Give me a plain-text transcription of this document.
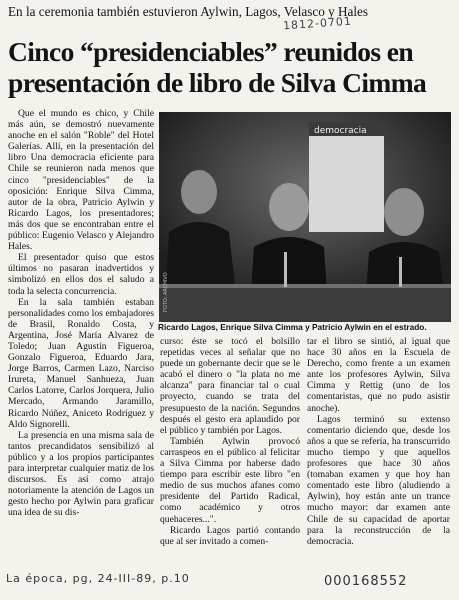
En la ceremonia también estuvieron Aylwin, Lagos, Velasco y Hales
1812-0701
Cinco “presidenciables” reunidos en presentación de libro de Silva Cimma

Que el mundo es chico, y Chile más aún, se demostró nuevamente anoche en el salón "Roble" del Hotel Galerías. Allí, en la presentación del libro Una democracia eficiente para Chile se reunieron nada menos que cinco "presidenciables" de la oposición: Enrique Silva Cimma, autor de la obra, Patricio Aylwin y Ricardo Lagos, los presentadores; más dos que se encontraban entre el público: Eugenio Velasco y Alejandro Hales.

El presentador quiso que estos últimos no pasaran inadvertidos y simbolizó en ellos dos el saludo a toda la selecta concurrencia.

En la sala también estaban personalidades como los embajadores de Brasil, Ronaldo Costa, y Argentina, José María Alvarez de Toledo; Juan Agustín Figueroa, Gonzalo Figueroa, Eduardo Jara, Jorge Barros, Carmen Lazo, Narciso Irureta, Manuel Sanhueza, Juan Carlos Latorre, Carlos Jorquera, Julio Mercado, Armando Jaramillo, Ricardo Núñez, Aniceto Rodríguez y Aldo Signorelli.

La presencia en una misma sala de tantos precandidatos sensibilizó al público y a los propios participantes para interpretar cualquier matiz de los discursos. Es así como atrajo notoriamente la atención de Lagos un gesto hecho por Aylwin para graficar una idea de su dis-

democracia
FOTO: ARCHIVO
Ricardo Lagos, Enrique Silva Cimma y Patricio Aylwin en el estrado.

curso: éste se tocó el bolsillo repetidas veces al señalar que no puede un gobernante decir que se le acabó el dinero o "la plata no me alcanza" para financiar tal o cual proyecto, cuando se trata del presupuesto de la nación. Segundos después el gesto era aplaudido por el público y también por Lagos.

También Aylwin provocó carraspeos en el público al felicitar a Silva Cimma por haberse dado tiempo para escribir este libro "en medio de sus muchos afanes como presidente del Partido Radical, como académico y otros quehaceres...".

Ricardo Lagos partió contando que al ser invitado a comen-

tar el libro se sintió, al igual que hace 30 años en la Escuela de Derecho, como frente a un examen ante los profesores Aylwin, Silva Cimma y Rettig (uno de los comentaristas, que no pudo asistir anoche).

Lagos terminó su extenso comentario diciendo que, desde los años a que se refería, ha transcurrido mucho tiempo y que aquellos profesores que hace 30 años (tomaban examen y que hoy han comentado este libro (aludiendo a Aylwin), hoy están ante un trance mucho mayor: dar examen ante Chile de su capacidad de aportar para la reconstrucción de la democracia.

La época, pg, 24-III-89, p.10	000168552
